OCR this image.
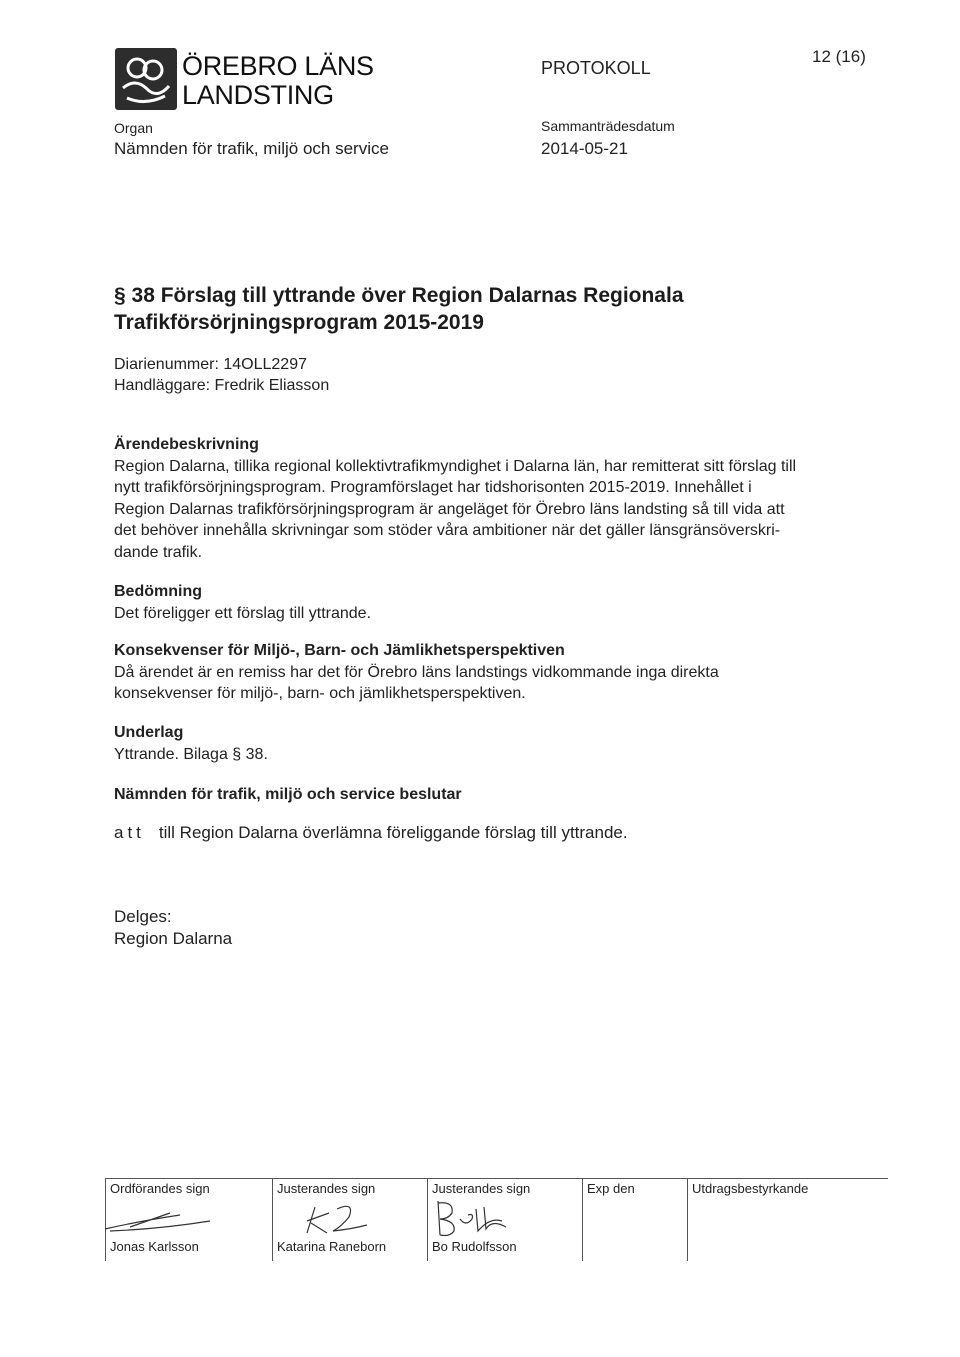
ÖREBRO LÄNS
LANDSTING
Organ
Nämnden för trafik, miljö och service
PROTOKOLL
Sammanträdesdatum
2014-05-21
12 (16)
§ 38 Förslag till yttrande över Region Dalarnas Regionala
Trafikförsörjningsprogram 2015-2019
Diarienummer: 14OLL2297
Handläggare: Fredrik Eliasson
Ärendebeskrivning
Region Dalarna, tillika regional kollektivtrafikmyndighet i Dalarna län, har remitterat sitt förslag till
nytt trafikförsörjningsprogram. Programförslaget har tidshorisonten 2015-2019. Innehållet i
Region Dalarnas trafikförsörjningsprogram är angeläget för Örebro läns landsting så till vida att
det behöver innehålla skrivningar som stöder våra ambitioner när det gäller länsgränsöverskri-
dande trafik.
Bedömning
Det föreligger ett förslag till yttrande.
Konsekvenser för Miljö-, Barn- och Jämlikhetsperspektiven
Då ärendet är en remiss har det för Örebro läns landstings vidkommande inga direkta
konsekvenser för miljö-, barn- och jämlikhetsperspektiven.
Underlag
Yttrande. Bilaga § 38.
Nämnden för trafik, miljö och service beslutar
att till Region Dalarna överlämna föreliggande förslag till yttrande.
Delges:
Region Dalarna
Ordförandes sign
Jonas Karlsson

Justerandes sign
Katarina Raneborn

Justerandes sign
Bo Rudolfsson

Exp den	Utdragsbestyrkande
